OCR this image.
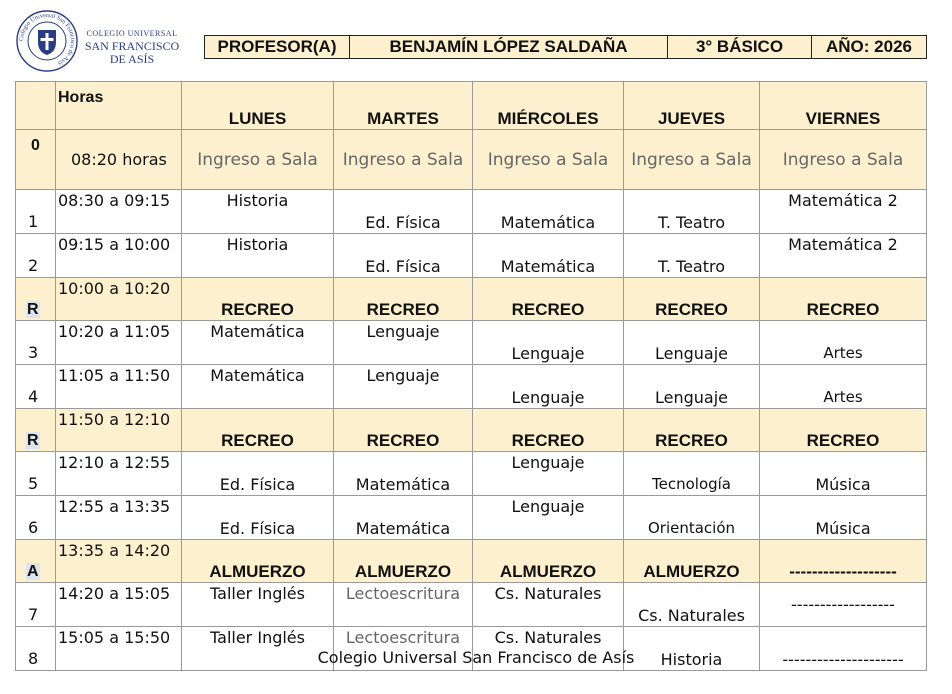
Colegio Universal San Francisco de Asís
COLEGIO UNIVERSAL
SAN FRANCISCO
DE ASÍS
PROFESOR(A)	BENJAMÍN LÓPEZ SALDAÑA	3° BÁSICO	AÑO: 2026
	Horas	LUNES	MARTES	MIÉRCOLES	JUEVES	VIERNES
0	08:20 horas	Ingreso a Sala	Ingreso a Sala	Ingreso a Sala	Ingreso a Sala	Ingreso a Sala
1	08:30 a 09:15	Historia	Ed. Física	Matemática	T. Teatro	Matemática 2
2	09:15 a 10:00	Historia	Ed. Física	Matemática	T. Teatro	Matemática 2
R	10:00 a 10:20	RECREO	RECREO	RECREO	RECREO	RECREO
3	10:20 a 11:05	Matemática	Lenguaje	Lenguaje	Lenguaje	Artes
4	11:05 a 11:50	Matemática	Lenguaje	Lenguaje	Lenguaje	Artes
R	11:50 a 12:10	RECREO	RECREO	RECREO	RECREO	RECREO
5	12:10 a 12:55	Ed. Física	Matemática	Lenguaje	Tecnología	Música
6	12:55 a 13:35	Ed. Física	Matemática	Lenguaje	Orientación	Música
A	13:35 a 14:20	ALMUERZO	ALMUERZO	ALMUERZO	ALMUERZO	-------------------
7	14:20 a 15:05	Taller Inglés	Lectoescritura	Cs. Naturales	Cs. Naturales	------------------
8	15:05 a 15:50	Taller Inglés	Lectoescritura	Cs. Naturales	Historia	---------------------
Colegio Universal San Francisco de Asís
